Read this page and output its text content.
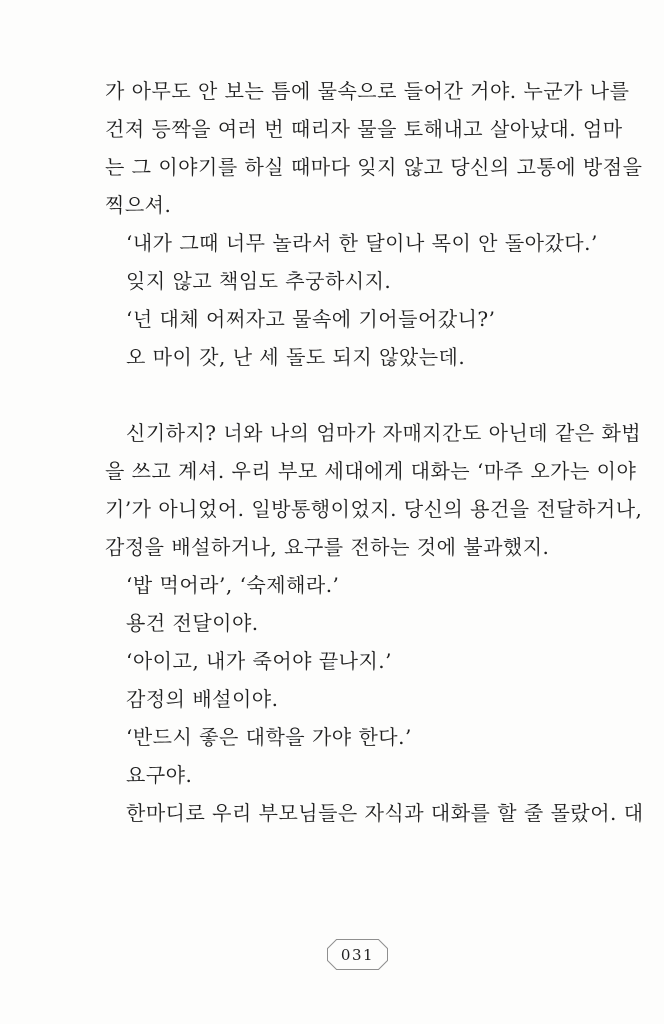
가 아무도 안 보는 틈에 물속으로 들어간 거야. 누군가 나를
건져 등짝을 여러 번 때리자 물을 토해내고 살아났대. 엄마
는 그 이야기를 하실 때마다 잊지 않고 당신의 고통에 방점을
찍으셔.
‘내가 그때 너무 놀라서 한 달이나 목이 안 돌아갔다.’
잊지 않고 책임도 추궁하시지.
‘넌 대체 어쩌자고 물속에 기어들어갔니?’
오 마이 갓, 난 세 돌도 되지 않았는데.
신기하지? 너와 나의 엄마가 자매지간도 아닌데 같은 화법
을 쓰고 계셔. 우리 부모 세대에게 대화는 ‘마주 오가는 이야
기’가 아니었어. 일방통행이었지. 당신의 용건을 전달하거나,
감정을 배설하거나, 요구를 전하는 것에 불과했지.
‘밥 먹어라’, ‘숙제해라.’
용건 전달이야.
‘아이고, 내가 죽어야 끝나지.’
감정의 배설이야.
‘반드시 좋은 대학을 가야 한다.’
요구야.
한마디로 우리 부모님들은 자식과 대화를 할 줄 몰랐어. 대
031
